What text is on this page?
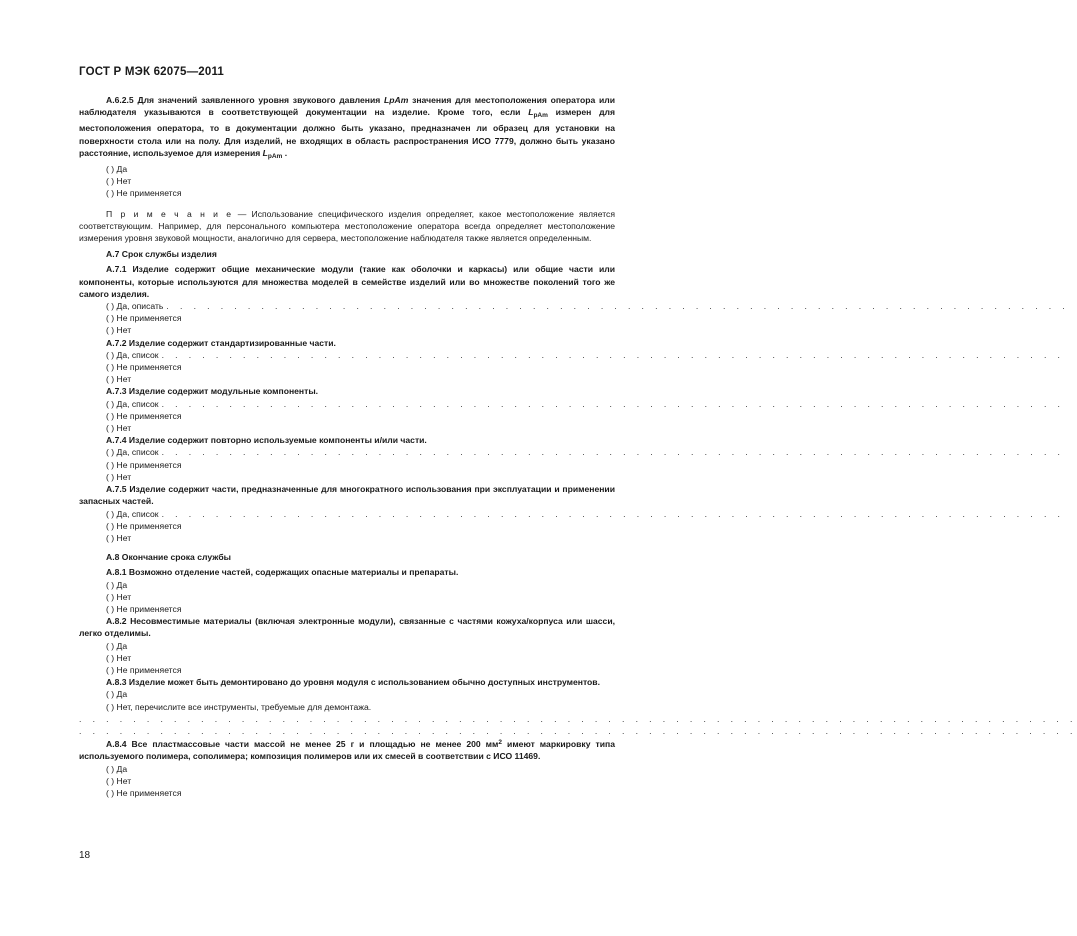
ГОСТ Р МЭК 62075—2011

А.6.2.5 Для значений заявленного уровня звукового давления LpAm значения для местоположения оператора или наблюдателя указываются в соответствующей документации на изделие. Кроме того, если $L_{pAm}$ измерен для местоположения оператора, то в документации должно быть указано, предназначен ли образец для установки на поверхности стола или на полу. Для изделий, не входящих в область распространения ИСО 7779, должно быть указано расстояние, используемое для измерения $L_{pAm}$ .

( ) Да

( ) Нет

( ) Не применяется

П р и м е ч а н и е — Использование специфического изделия определяет, какое местоположение является соответствующим. Например, для персонального компьютера местоположение оператора всегда определяет местоположение измерения уровня звуковой мощности, аналогично для сервера, местоположение наблюдателя также является определенным.

А.7 Срок службы изделия

А.7.1 Изделие содержит общие механические модули (такие как оболочки и каркасы) или общие части или компоненты, которые используются для множества моделей в семействе изделий или во множестве поколений того же самого изделия.

( ) Да, описать . . . . . . . . . . . . . . . . . . . . . . . . . . . . . . . . . . . . . . . . . . . . . . . . . . . . . . . . . . . . . . . . . . .

( ) Не применяется

( ) Нет

А.7.2 Изделие содержит стандартизированные части.

( ) Да, список . . . . . . . . . . . . . . . . . . . . . . . . . . . . . . . . . . . . . . . . . . . . . . . . . . . . . . . . . . . . . . . . . . .

( ) Не применяется

( ) Нет

А.7.3 Изделие содержит модульные компоненты.

( ) Да, список . . . . . . . . . . . . . . . . . . . . . . . . . . . . . . . . . . . . . . . . . . . . . . . . . . . . . . . . . . . . . . . . . . .

( ) Не применяется

( ) Нет

А.7.4 Изделие содержит повторно используемые компоненты и/или части.

( ) Да, список . . . . . . . . . . . . . . . . . . . . . . . . . . . . . . . . . . . . . . . . . . . . . . . . . . . . . . . . . . . . . . . . . . .

( ) Не применяется

( ) Нет

А.7.5 Изделие содержит части, предназначенные для многократного использования при эксплуатации и применении запасных частей.

( ) Да, список . . . . . . . . . . . . . . . . . . . . . . . . . . . . . . . . . . . . . . . . . . . . . . . . . . . . . . . . . . . . . . . . . . .

( ) Не применяется

( ) Нет

А.8 Окончание срока службы

А.8.1 Возможно отделение частей, содержащих опасные материалы и препараты.

( ) Да

( ) Нет

( ) Не применяется

А.8.2 Несовместимые материалы (включая электронные модули), связанные с частями кожуха/корпуса или шасси, легко отделимы.

( ) Да

( ) Нет

( ) Не применяется

А.8.3 Изделие может быть демонтировано до уровня модуля с использованием обычно доступных инструментов.

( ) Да

( ) Нет, перечислите все инструменты, требуемые для демонтажа.

. . . . . . . . . . . . . . . . . . . . . . . . . . . . . . . . . . . . . . . . . . . . . . . . . . . . . . . . . . . . . . . . . . . . . . . . . .

. . . . . . . . . . . . . . . . . . . . . . . . . . . . . . . . . . . . . . . . . . . . . . . . . . . . . . . . . . . . . . . . . . . . . . . . . .

А.8.4 Все пластмассовые части массой не менее 25 г и площадью не менее 200 $мм^2$ имеют маркировку типа используемого полимера, сополимера; композиция полимеров или их смесей в соответствии с ИСО 11469.

( ) Да

( ) Нет

( ) Не применяется

18
